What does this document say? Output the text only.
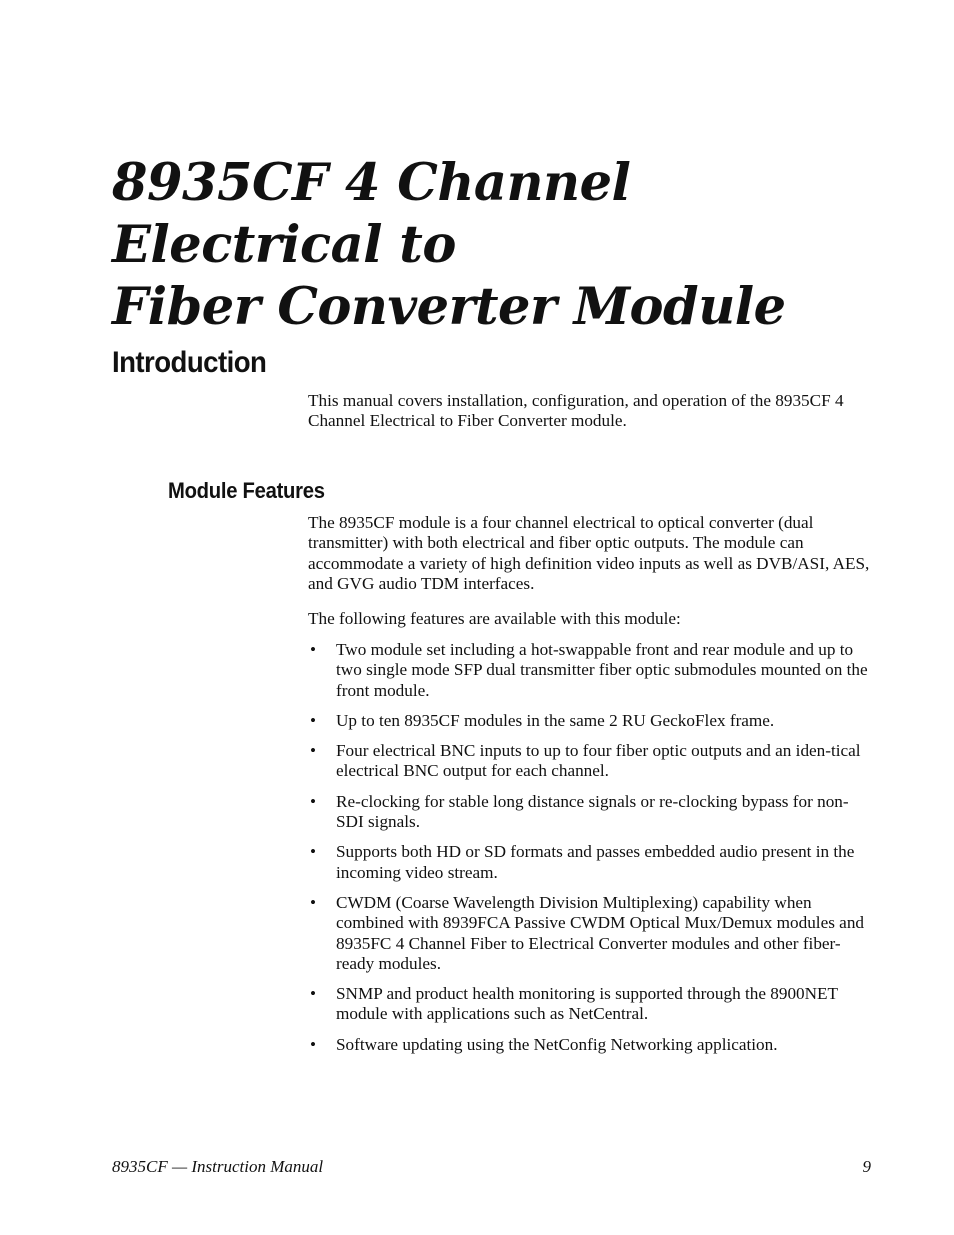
8935CF 4 Channel Electrical to
Fiber Converter Module
Introduction

This manual covers installation, configuration, and operation of the 8935CF 4 Channel Electrical to Fiber Converter module.

Module Features

The 8935CF module is a four channel electrical to optical converter (dual transmitter) with both electrical and fiber optic outputs. The module can accommodate a variety of high definition video inputs as well as DVB/ASI, AES, and GVG audio TDM interfaces.

The following features are available with this module:

• Two module set including a hot-swappable front and rear module and up to two single mode SFP dual transmitter fiber optic submodules mounted on the front module.
• Up to ten 8935CF modules in the same 2 RU GeckoFlex frame.
• Four electrical BNC inputs to up to four fiber optic outputs and an iden-tical electrical BNC output for each channel.
• Re-clocking for stable long distance signals or re-clocking bypass for non-SDI signals.
• Supports both HD or SD formats and passes embedded audio present in the incoming video stream.
• CWDM (Coarse Wavelength Division Multiplexing) capability when combined with 8939FCA Passive CWDM Optical Mux/Demux modules and 8935FC 4 Channel Fiber to Electrical Converter modules and other fiber-ready modules.
• SNMP and product health monitoring is supported through the 8900NET module with applications such as NetCentral.
• Software updating using the NetConfig Networking application.
8935CF — Instruction Manual	9
